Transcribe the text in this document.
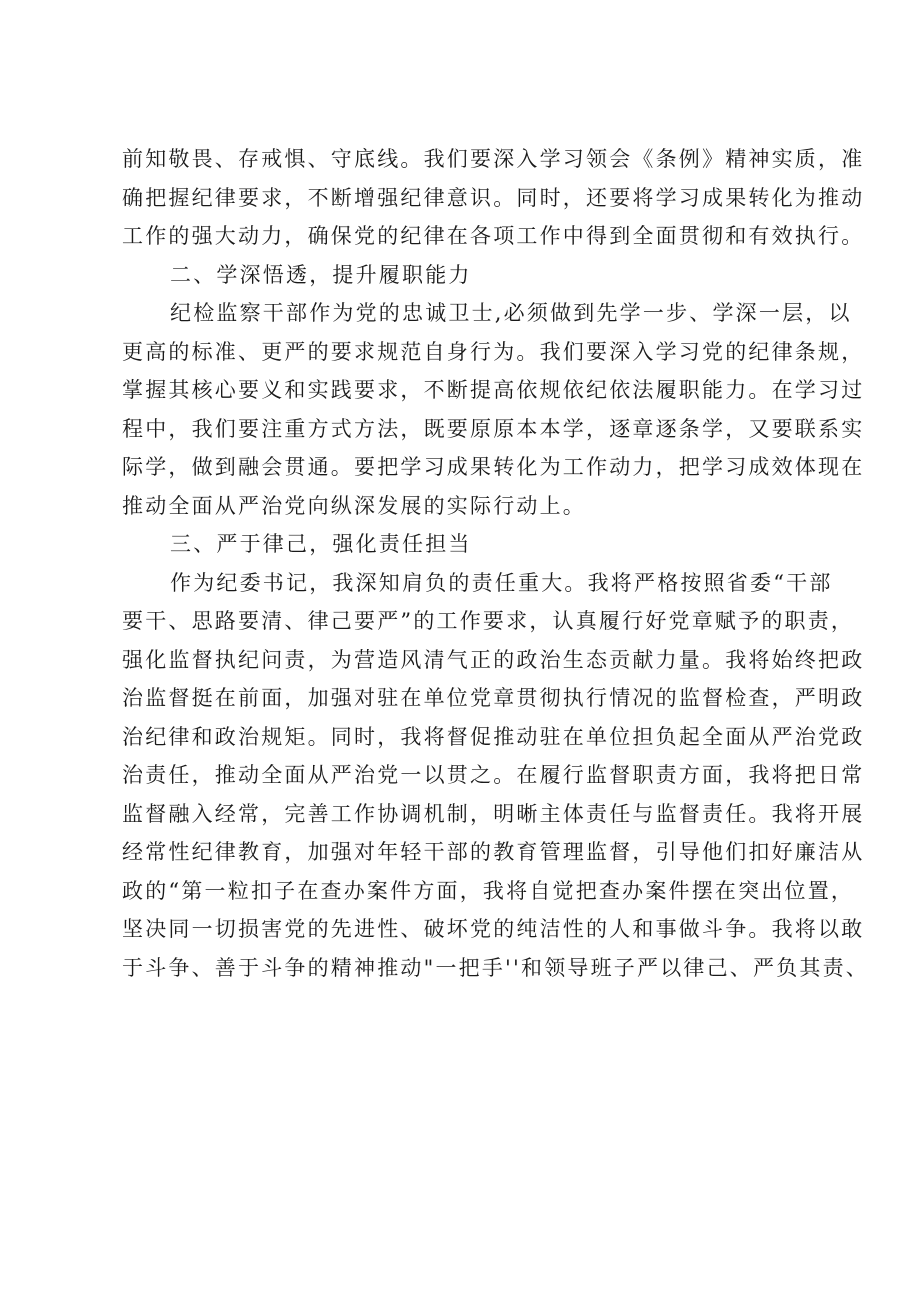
前知敬畏、存戒惧、守底线。我们要深入学习领会《条例》精神实质，准
确把握纪律要求，不断增强纪律意识。同时，还要将学习成果转化为推动
工作的强大动力，确保党的纪律在各项工作中得到全面贯彻和有效执行。
二、学深悟透，提升履职能力
纪检监察干部作为党的忠诚卫士,必须做到先学一步、学深一层，以
更高的标准、更严的要求规范自身行为。我们要深入学习党的纪律条规，
掌握其核心要义和实践要求，不断提高依规依纪依法履职能力。在学习过
程中，我们要注重方式方法，既要原原本本学，逐章逐条学，又要联系实
际学，做到融会贯通。要把学习成果转化为工作动力，把学习成效体现在
推动全面从严治党向纵深发展的实际行动上。
三、严于律己，强化责任担当
作为纪委书记，我深知肩负的责任重大。我将严格按照省委“干部
要干、思路要清、律己要严”的工作要求，认真履行好党章赋予的职责，
强化监督执纪问责，为营造风清气正的政治生态贡献力量。我将始终把政
治监督挺在前面，加强对驻在单位党章贯彻执行情况的监督检查，严明政
治纪律和政治规矩。同时，我将督促推动驻在单位担负起全面从严治党政
治责任，推动全面从严治党一以贯之。在履行监督职责方面，我将把日常
监督融入经常，完善工作协调机制，明晰主体责任与监督责任。我将开展
经常性纪律教育，加强对年轻干部的教育管理监督，引导他们扣好廉洁从
政的“第一粒扣子在查办案件方面，我将自觉把查办案件摆在突出位置，
坚决同一切损害党的先进性、破坏党的纯洁性的人和事做斗争。我将以敢
于斗争、善于斗争的精神推动"一把手''和领导班子严以律己、严负其责、
